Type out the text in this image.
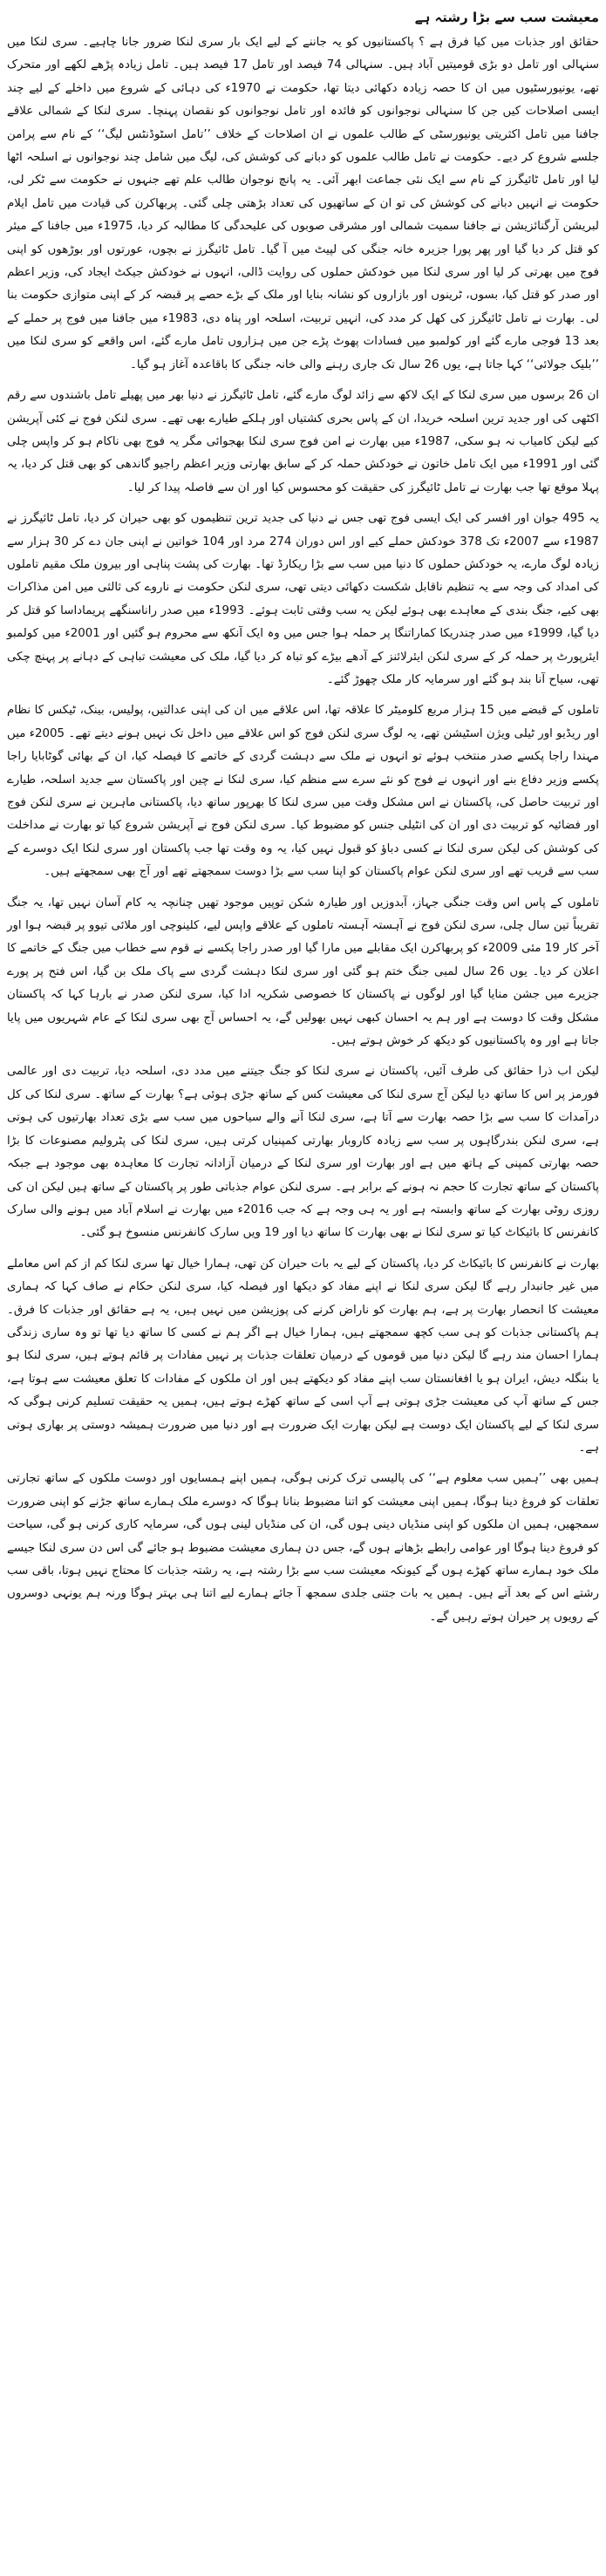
معیشت سب سے بڑا رشتہ ہے

حقائق اور جذبات میں کیا فرق ہے ؟ پاکستانیوں کو یہ جاننے کے لیے ایک بار سری لنکا ضرور جانا چاہیے۔ سری لنکا میں سنہالی اور تامل دو بڑی قومیتیں آباد ہیں۔ سنہالی 74 فیصد اور تامل 17 فیصد ہیں۔ تامل زیادہ پڑھے لکھے اور متحرک تھے، یونیورسٹیوں میں ان کا حصہ زیادہ دکھائی دیتا تھا، حکومت نے 1970ء کی دہائی کے شروع میں داخلے کے لیے چند ایسی اصلاحات کیں جن کا سنہالی نوجوانوں کو فائدہ اور تامل نوجوانوں کو نقصان پہنچا۔ سری لنکا کے شمالی علاقے جافنا میں تامل اکثریتی یونیورسٹی کے طالب علموں نے ان اصلاحات کے خلاف ’’تامل اسٹوڈنٹس لیگ‘‘ کے نام سے پرامن جلسے شروع کر دیے۔ حکومت نے تامل طالب علموں کو دبانے کی کوشش کی، لیگ میں شامل چند نوجوانوں نے اسلحہ اٹھا لیا اور تامل ٹائیگرز کے نام سے ایک نئی جماعت ابھر آئی۔ یہ پانچ نوجوان طالب علم تھے جنہوں نے حکومت سے ٹکر لی، حکومت نے انہیں دبانے کی کوشش کی تو ان کے ساتھیوں کی تعداد بڑھتی چلی گئی۔ پربھاکرن کی قیادت میں تامل ایلام لبریشن آرگنائزیشن نے جافنا سمیت شمالی اور مشرقی صوبوں کی علیحدگی کا مطالبہ کر دیا، 1975ء میں جافنا کے میئر کو قتل کر دیا گیا اور پھر پورا جزیرہ خانہ جنگی کی لپیٹ میں آ گیا۔ تامل ٹائیگرز نے بچوں، عورتوں اور بوڑھوں کو اپنی فوج میں بھرتی کر لیا اور سری لنکا میں خودکش حملوں کی روایت ڈالی، انہوں نے خودکش جیکٹ ایجاد کی، وزیر اعظم اور صدر کو قتل کیا، بسوں، ٹرینوں اور بازاروں کو نشانہ بنایا اور ملک کے بڑے حصے پر قبضہ کر کے اپنی متوازی حکومت بنا لی۔ بھارت نے تامل ٹائیگرز کی کھل کر مدد کی، انہیں تربیت، اسلحہ اور پناہ دی، 1983ء میں جافنا میں فوج پر حملے کے بعد 13 فوجی مارے گئے اور کولمبو میں فسادات پھوٹ پڑے جن میں ہزاروں تامل مارے گئے، اس واقعے کو سری لنکا میں ’’بلیک جولائی‘‘ کہا جاتا ہے، یوں 26 سال تک جاری رہنے والی خانہ جنگی کا باقاعدہ آغاز ہو گیا۔

ان 26 برسوں میں سری لنکا کے ایک لاکھ سے زائد لوگ مارے گئے، تامل ٹائیگرز نے دنیا بھر میں پھیلے تامل باشندوں سے رقم اکٹھی کی اور جدید ترین اسلحہ خریدا، ان کے پاس بحری کشتیاں اور ہلکے طیارے بھی تھے۔ سری لنکن فوج نے کئی آپریشن کیے لیکن کامیاب نہ ہو سکی، 1987ء میں بھارت نے امن فوج سری لنکا بھجوائی مگر یہ فوج بھی ناکام ہو کر واپس چلی گئی اور 1991ء میں ایک تامل خاتون نے خودکش حملہ کر کے سابق بھارتی وزیر اعظم راجیو گاندھی کو بھی قتل کر دیا، یہ پہلا موقع تھا جب بھارت نے تامل ٹائیگرز کی حقیقت کو محسوس کیا اور ان سے فاصلہ پیدا کر لیا۔

یہ 495 جوان اور افسر کی ایک ایسی فوج تھی جس نے دنیا کی جدید ترین تنظیموں کو بھی حیران کر دیا، تامل ٹائیگرز نے 1987ء سے 2007ء تک 378 خودکش حملے کیے اور اس دوران 274 مرد اور 104 خواتین نے اپنی جان دے کر 30 ہزار سے زیادہ لوگ مارے، یہ خودکش حملوں کا دنیا میں سب سے بڑا ریکارڈ تھا۔ بھارت کی پشت پناہی اور بیرون ملک مقیم تاملوں کی امداد کی وجہ سے یہ تنظیم ناقابل شکست دکھائی دیتی تھی، سری لنکن حکومت نے ناروے کی ثالثی میں امن مذاکرات بھی کیے، جنگ بندی کے معاہدے بھی ہوئے لیکن یہ سب وقتی ثابت ہوئے۔ 1993ء میں صدر راناسنگھے پریماداسا کو قتل کر دیا گیا، 1999ء میں صدر چندریکا کماراتنگا پر حملہ ہوا جس میں وہ ایک آنکھ سے محروم ہو گئیں اور 2001ء میں کولمبو ایئرپورٹ پر حملہ کر کے سری لنکن ایئرلائنز کے آدھے بیڑے کو تباہ کر دیا گیا، ملک کی معیشت تباہی کے دہانے پر پہنچ چکی تھی، سیاح آنا بند ہو گئے اور سرمایہ کار ملک چھوڑ گئے۔

تاملوں کے قبضے میں 15 ہزار مربع کلومیٹر کا علاقہ تھا، اس علاقے میں ان کی اپنی عدالتیں، پولیس، بینک، ٹیکس کا نظام اور ریڈیو اور ٹیلی ویژن اسٹیشن تھے، یہ لوگ سری لنکن فوج کو اس علاقے میں داخل تک نہیں ہونے دیتے تھے۔ 2005ء میں مہندا راجا پکسے صدر منتخب ہوئے تو انہوں نے ملک سے دہشت گردی کے خاتمے کا فیصلہ کیا، ان کے بھائی گوٹابایا راجا پکسے وزیر دفاع بنے اور انہوں نے فوج کو نئے سرے سے منظم کیا، سری لنکا نے چین اور پاکستان سے جدید اسلحہ، طیارے اور تربیت حاصل کی، پاکستان نے اس مشکل وقت میں سری لنکا کا بھرپور ساتھ دیا، پاکستانی ماہرین نے سری لنکن فوج اور فضائیہ کو تربیت دی اور ان کی انٹیلی جنس کو مضبوط کیا۔ سری لنکن فوج نے آپریشن شروع کیا تو بھارت نے مداخلت کی کوشش کی لیکن سری لنکا نے کسی دباؤ کو قبول نہیں کیا، یہ وہ وقت تھا جب پاکستان اور سری لنکا ایک دوسرے کے سب سے قریب تھے اور سری لنکن عوام پاکستان کو اپنا سب سے بڑا دوست سمجھتے تھے اور آج بھی سمجھتے ہیں۔

تاملوں کے پاس اس وقت جنگی جہاز، آبدوزیں اور طیارہ شکن توپیں موجود تھیں چنانچہ یہ کام آسان نہیں تھا، یہ جنگ تقریباً تین سال چلی، سری لنکن فوج نے آہستہ آہستہ تاملوں کے علاقے واپس لیے، کلینوچی اور ملائی تیوو پر قبضہ ہوا اور آخر کار 19 مئی 2009ء کو پربھاکرن ایک مقابلے میں مارا گیا اور صدر راجا پکسے نے قوم سے خطاب میں جنگ کے خاتمے کا اعلان کر دیا۔ یوں 26 سال لمبی جنگ ختم ہو گئی اور سری لنکا دہشت گردی سے پاک ملک بن گیا، اس فتح پر پورے جزیرے میں جشن منایا گیا اور لوگوں نے پاکستان کا خصوصی شکریہ ادا کیا، سری لنکن صدر نے بارہا کہا کہ پاکستان مشکل وقت کا دوست ہے اور ہم یہ احسان کبھی نہیں بھولیں گے، یہ احساس آج بھی سری لنکا کے عام شہریوں میں پایا جاتا ہے اور وہ پاکستانیوں کو دیکھ کر خوش ہوتے ہیں۔

لیکن اب ذرا حقائق کی طرف آئیں، پاکستان نے سری لنکا کو جنگ جیتنے میں مدد دی، اسلحہ دیا، تربیت دی اور عالمی فورمز پر اس کا ساتھ دیا لیکن آج سری لنکا کی معیشت کس کے ساتھ جڑی ہوئی ہے؟ بھارت کے ساتھ۔ سری لنکا کی کل درآمدات کا سب سے بڑا حصہ بھارت سے آتا ہے، سری لنکا آنے والے سیاحوں میں سب سے بڑی تعداد بھارتیوں کی ہوتی ہے، سری لنکن بندرگاہوں پر سب سے زیادہ کاروبار بھارتی کمپنیاں کرتی ہیں، سری لنکا کی پٹرولیم مصنوعات کا بڑا حصہ بھارتی کمپنی کے ہاتھ میں ہے اور بھارت اور سری لنکا کے درمیان آزادانہ تجارت کا معاہدہ بھی موجود ہے جبکہ پاکستان کے ساتھ تجارت کا حجم نہ ہونے کے برابر ہے۔ سری لنکن عوام جذباتی طور پر پاکستان کے ساتھ ہیں لیکن ان کی روزی روٹی بھارت کے ساتھ وابستہ ہے اور یہ ہی وجہ ہے کہ جب 2016ء میں بھارت نے اسلام آباد میں ہونے والی سارک کانفرنس کا بائیکاٹ کیا تو سری لنکا نے بھی بھارت کا ساتھ دیا اور 19 ویں سارک کانفرنس منسوخ ہو گئی۔

بھارت نے کانفرنس کا بائیکاٹ کر دیا، پاکستان کے لیے یہ بات حیران کن تھی، ہمارا خیال تھا سری لنکا کم از کم اس معاملے میں غیر جانبدار رہے گا لیکن سری لنکا نے اپنے مفاد کو دیکھا اور فیصلہ کیا، سری لنکن حکام نے صاف کہا کہ ہماری معیشت کا انحصار بھارت پر ہے، ہم بھارت کو ناراض کرنے کی پوزیشن میں نہیں ہیں، یہ ہے حقائق اور جذبات کا فرق۔ ہم پاکستانی جذبات کو ہی سب کچھ سمجھتے ہیں، ہمارا خیال ہے اگر ہم نے کسی کا ساتھ دیا تھا تو وہ ساری زندگی ہمارا احسان مند رہے گا لیکن دنیا میں قوموں کے درمیان تعلقات جذبات پر نہیں مفادات پر قائم ہوتے ہیں، سری لنکا ہو یا بنگلہ دیش، ایران ہو یا افغانستان سب اپنے مفاد کو دیکھتے ہیں اور ان ملکوں کے مفادات کا تعلق معیشت سے ہوتا ہے، جس کے ساتھ آپ کی معیشت جڑی ہوتی ہے آپ اسی کے ساتھ کھڑے ہوتے ہیں، ہمیں یہ حقیقت تسلیم کرنی ہوگی کہ سری لنکا کے لیے پاکستان ایک دوست ہے لیکن بھارت ایک ضرورت ہے اور دنیا میں ضرورت ہمیشہ دوستی پر بھاری ہوتی ہے۔

ہمیں بھی ’’ہمیں سب معلوم ہے‘‘ کی پالیسی ترک کرنی ہوگی، ہمیں اپنے ہمسایوں اور دوست ملکوں کے ساتھ تجارتی تعلقات کو فروغ دینا ہوگا، ہمیں اپنی معیشت کو اتنا مضبوط بنانا ہوگا کہ دوسرے ملک ہمارے ساتھ جڑنے کو اپنی ضرورت سمجھیں، ہمیں ان ملکوں کو اپنی منڈیاں دینی ہوں گی، ان کی منڈیاں لینی ہوں گی، سرمایہ کاری کرنی ہو گی، سیاحت کو فروغ دینا ہوگا اور عوامی رابطے بڑھانے ہوں گے، جس دن ہماری معیشت مضبوط ہو جائے گی اس دن سری لنکا جیسے ملک خود ہمارے ساتھ کھڑے ہوں گے کیونکہ معیشت سب سے بڑا رشتہ ہے، یہ رشتہ جذبات کا محتاج نہیں ہوتا، باقی سب رشتے اس کے بعد آتے ہیں۔ ہمیں یہ بات جتنی جلدی سمجھ آ جائے ہمارے لیے اتنا ہی بہتر ہوگا ورنہ ہم یونہی دوسروں کے رویوں پر حیران ہوتے رہیں گے۔
